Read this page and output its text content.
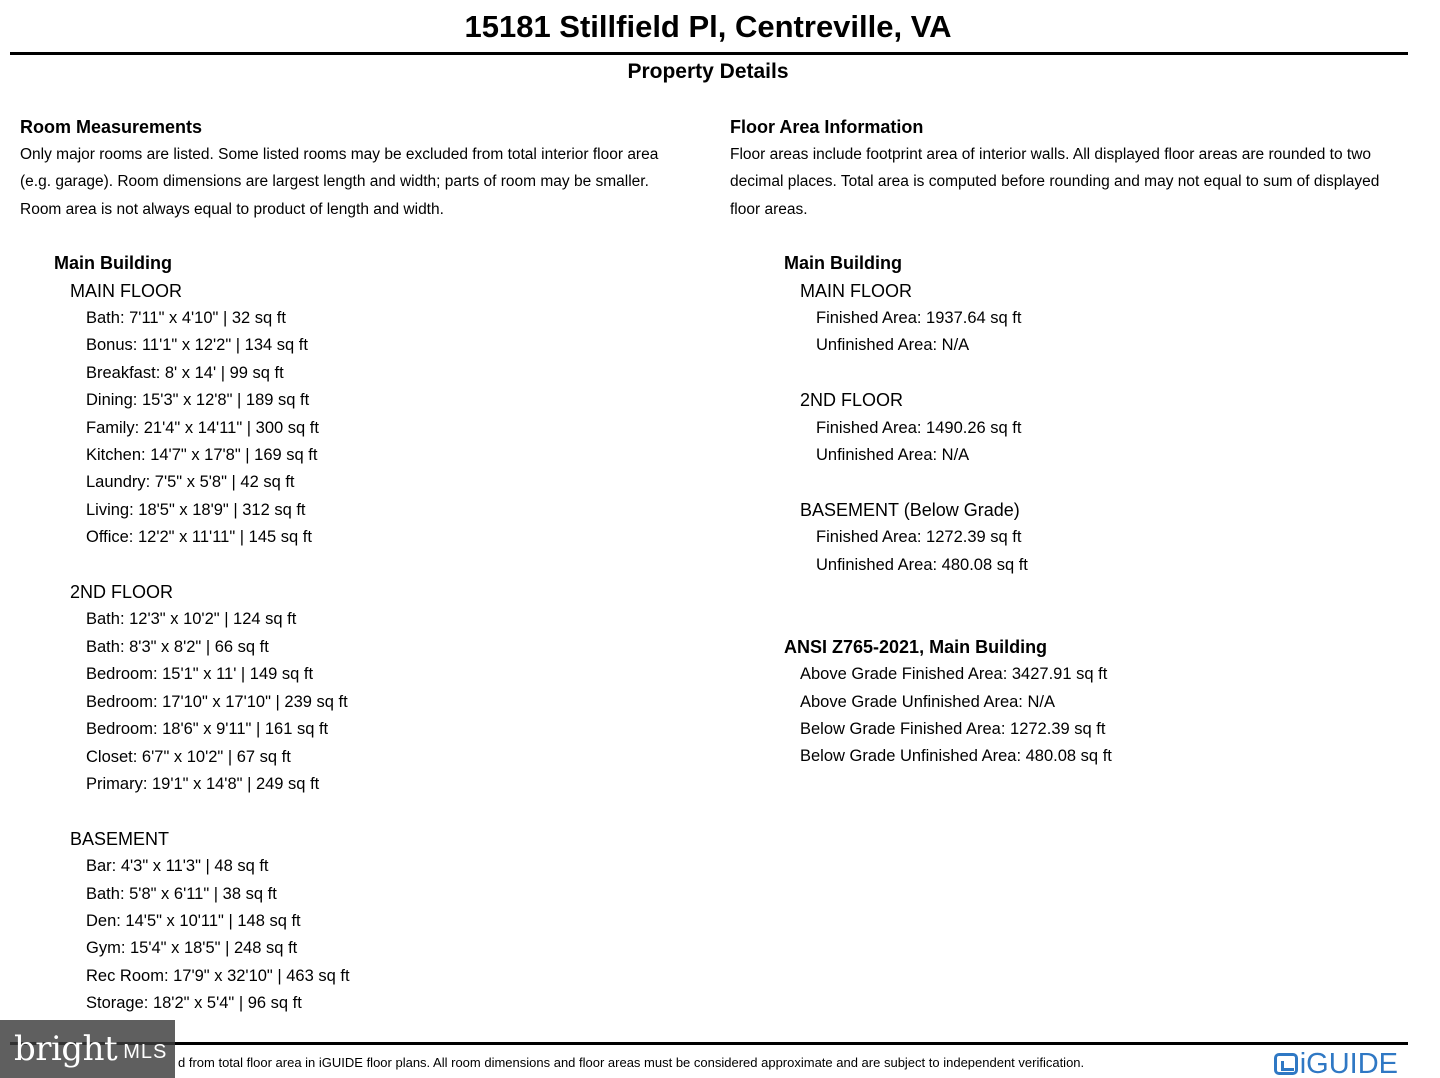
15181 Stillfield Pl, Centreville, VA
Property Details
Room Measurements
Only major rooms are listed. Some listed rooms may be excluded from total interior floor area
(e.g. garage). Room dimensions are largest length and width; parts of room may be smaller.
Room area is not always equal to product of length and width.
Main Building
MAIN FLOOR
Bath: 7'11" x 4'10" | 32 sq ft
Bonus: 11'1" x 12'2" | 134 sq ft
Breakfast: 8' x 14' | 99 sq ft
Dining: 15'3" x 12'8" | 189 sq ft
Family: 21'4" x 14'11" | 300 sq ft
Kitchen: 14'7" x 17'8" | 169 sq ft
Laundry: 7'5" x 5'8" | 42 sq ft
Living: 18'5" x 18'9" | 312 sq ft
Office: 12'2" x 11'11" | 145 sq ft
2ND FLOOR
Bath: 12'3" x 10'2" | 124 sq ft
Bath: 8'3" x 8'2" | 66 sq ft
Bedroom: 15'1" x 11' | 149 sq ft
Bedroom: 17'10" x 17'10" | 239 sq ft
Bedroom: 18'6" x 9'11" | 161 sq ft
Closet: 6'7" x 10'2" | 67 sq ft
Primary: 19'1" x 14'8" | 249 sq ft
BASEMENT
Bar: 4'3" x 11'3" | 48 sq ft
Bath: 5'8" x 6'11" | 38 sq ft
Den: 14'5" x 10'11" | 148 sq ft
Gym: 15'4" x 18'5" | 248 sq ft
Rec Room: 17'9" x 32'10" | 463 sq ft
Storage: 18'2" x 5'4" | 96 sq ft
Floor Area Information
Floor areas include footprint area of interior walls. All displayed floor areas are rounded to two
decimal places. Total area is computed before rounding and may not equal to sum of displayed
floor areas.
Main Building
MAIN FLOOR
Finished Area: 1937.64 sq ft
Unfinished Area: N/A
2ND FLOOR
Finished Area: 1490.26 sq ft
Unfinished Area: N/A
BASEMENT (Below Grade)
Finished Area: 1272.39 sq ft
Unfinished Area: 480.08 sq ft
ANSI Z765-2021, Main Building
Above Grade Finished Area: 3427.91 sq ft
Above Grade Unfinished Area: N/A
Below Grade Finished Area: 1272.39 sq ft
Below Grade Unfinished Area: 480.08 sq ft
d from total floor area in iGUIDE floor plans. All room dimensions and floor areas must be considered approximate and are subject to independent verification.	iGUIDE
bright MLS
